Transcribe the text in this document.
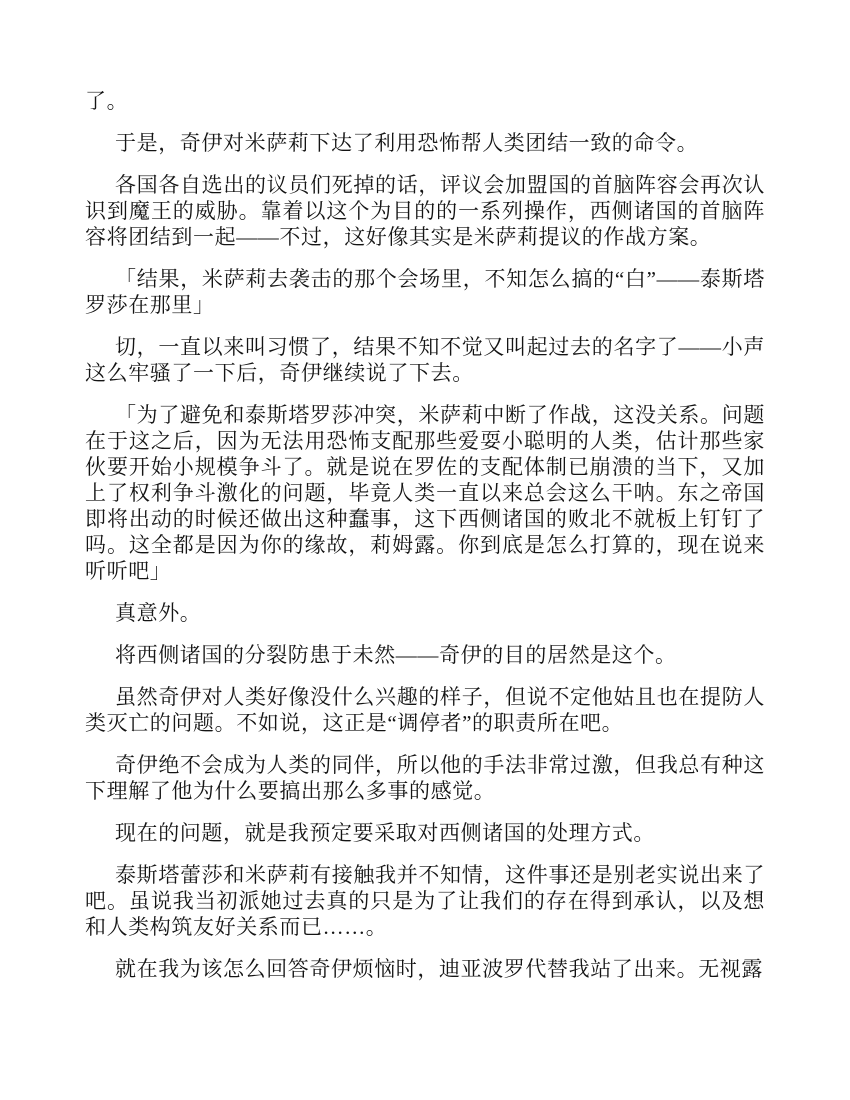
了。

于是，奇伊对米萨莉下达了利用恐怖帮人类团结一致的命令。

各国各自选出的议员们死掉的话，评议会加盟国的首脑阵容会再次认识到魔王的威胁。靠着以这个为目的的一系列操作，西侧诸国的首脑阵容将团结到一起——不过，这好像其实是米萨莉提议的作战方案。

「结果，米萨莉去袭击的那个会场里，不知怎么搞的“白”——泰斯塔罗莎在那里」

切，一直以来叫习惯了，结果不知不觉又叫起过去的名字了——小声这么牢骚了一下后，奇伊继续说了下去。

「为了避免和泰斯塔罗莎冲突，米萨莉中断了作战，这没关系。问题在于这之后，因为无法用恐怖支配那些爱耍小聪明的人类，估计那些家伙要开始小规模争斗了。就是说在罗佐的支配体制已崩溃的当下，又加上了权利争斗激化的问题，毕竟人类一直以来总会这么干呐。东之帝国即将出动的时候还做出这种蠢事，这下西侧诸国的败北不就板上钉钉了吗。这全都是因为你的缘故，莉姆露。你到底是怎么打算的，现在说来听听吧」

真意外。

将西侧诸国的分裂防患于未然——奇伊的目的居然是这个。

虽然奇伊对人类好像没什么兴趣的样子，但说不定他姑且也在提防人类灭亡的问题。不如说，这正是“调停者”的职责所在吧。

奇伊绝不会成为人类的同伴，所以他的手法非常过激，但我总有种这下理解了他为什么要搞出那么多事的感觉。

现在的问题，就是我预定要采取对西侧诸国的处理方式。

泰斯塔蕾莎和米萨莉有接触我并不知情，这件事还是别老实说出来了吧。虽说我当初派她过去真的只是为了让我们的存在得到承认，以及想和人类构筑友好关系而已……。

就在我为该怎么回答奇伊烦恼时，迪亚波罗代替我站了出来。无视露
